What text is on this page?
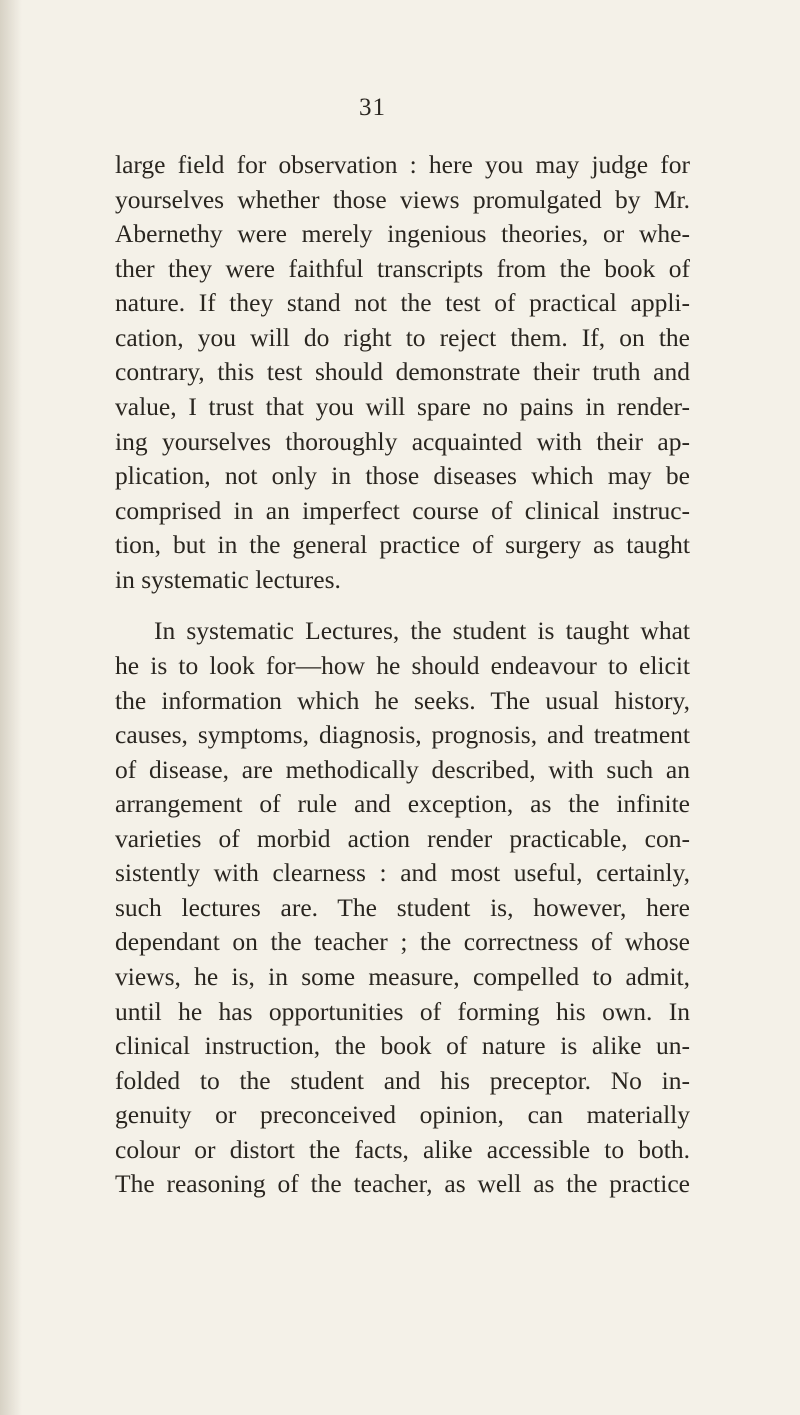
31
large field for observation : here you may judge for
yourselves whether those views promulgated by Mr.
Abernethy were merely ingenious theories, or whe-
ther they were faithful transcripts from the book of
nature. If they stand not the test of practical appli-
cation, you will do right to reject them. If, on the
contrary, this test should demonstrate their truth and
value, I trust that you will spare no pains in render-
ing yourselves thoroughly acquainted with their ap-
plication, not only in those diseases which may be
comprised in an imperfect course of clinical instruc-
tion, but in the general practice of surgery as taught
in systematic lectures.
In systematic Lectures, the student is taught what
he is to look for—how he should endeavour to elicit
the information which he seeks. The usual history,
causes, symptoms, diagnosis, prognosis, and treatment
of disease, are methodically described, with such an
arrangement of rule and exception, as the infinite
varieties of morbid action render practicable, con-
sistently with clearness : and most useful, certainly,
such lectures are. The student is, however, here
dependant on the teacher ; the correctness of whose
views, he is, in some measure, compelled to admit,
until he has opportunities of forming his own. In
clinical instruction, the book of nature is alike un-
folded to the student and his preceptor. No in-
genuity or preconceived opinion, can materially
colour or distort the facts, alike accessible to both.
The reasoning of the teacher, as well as the practice
